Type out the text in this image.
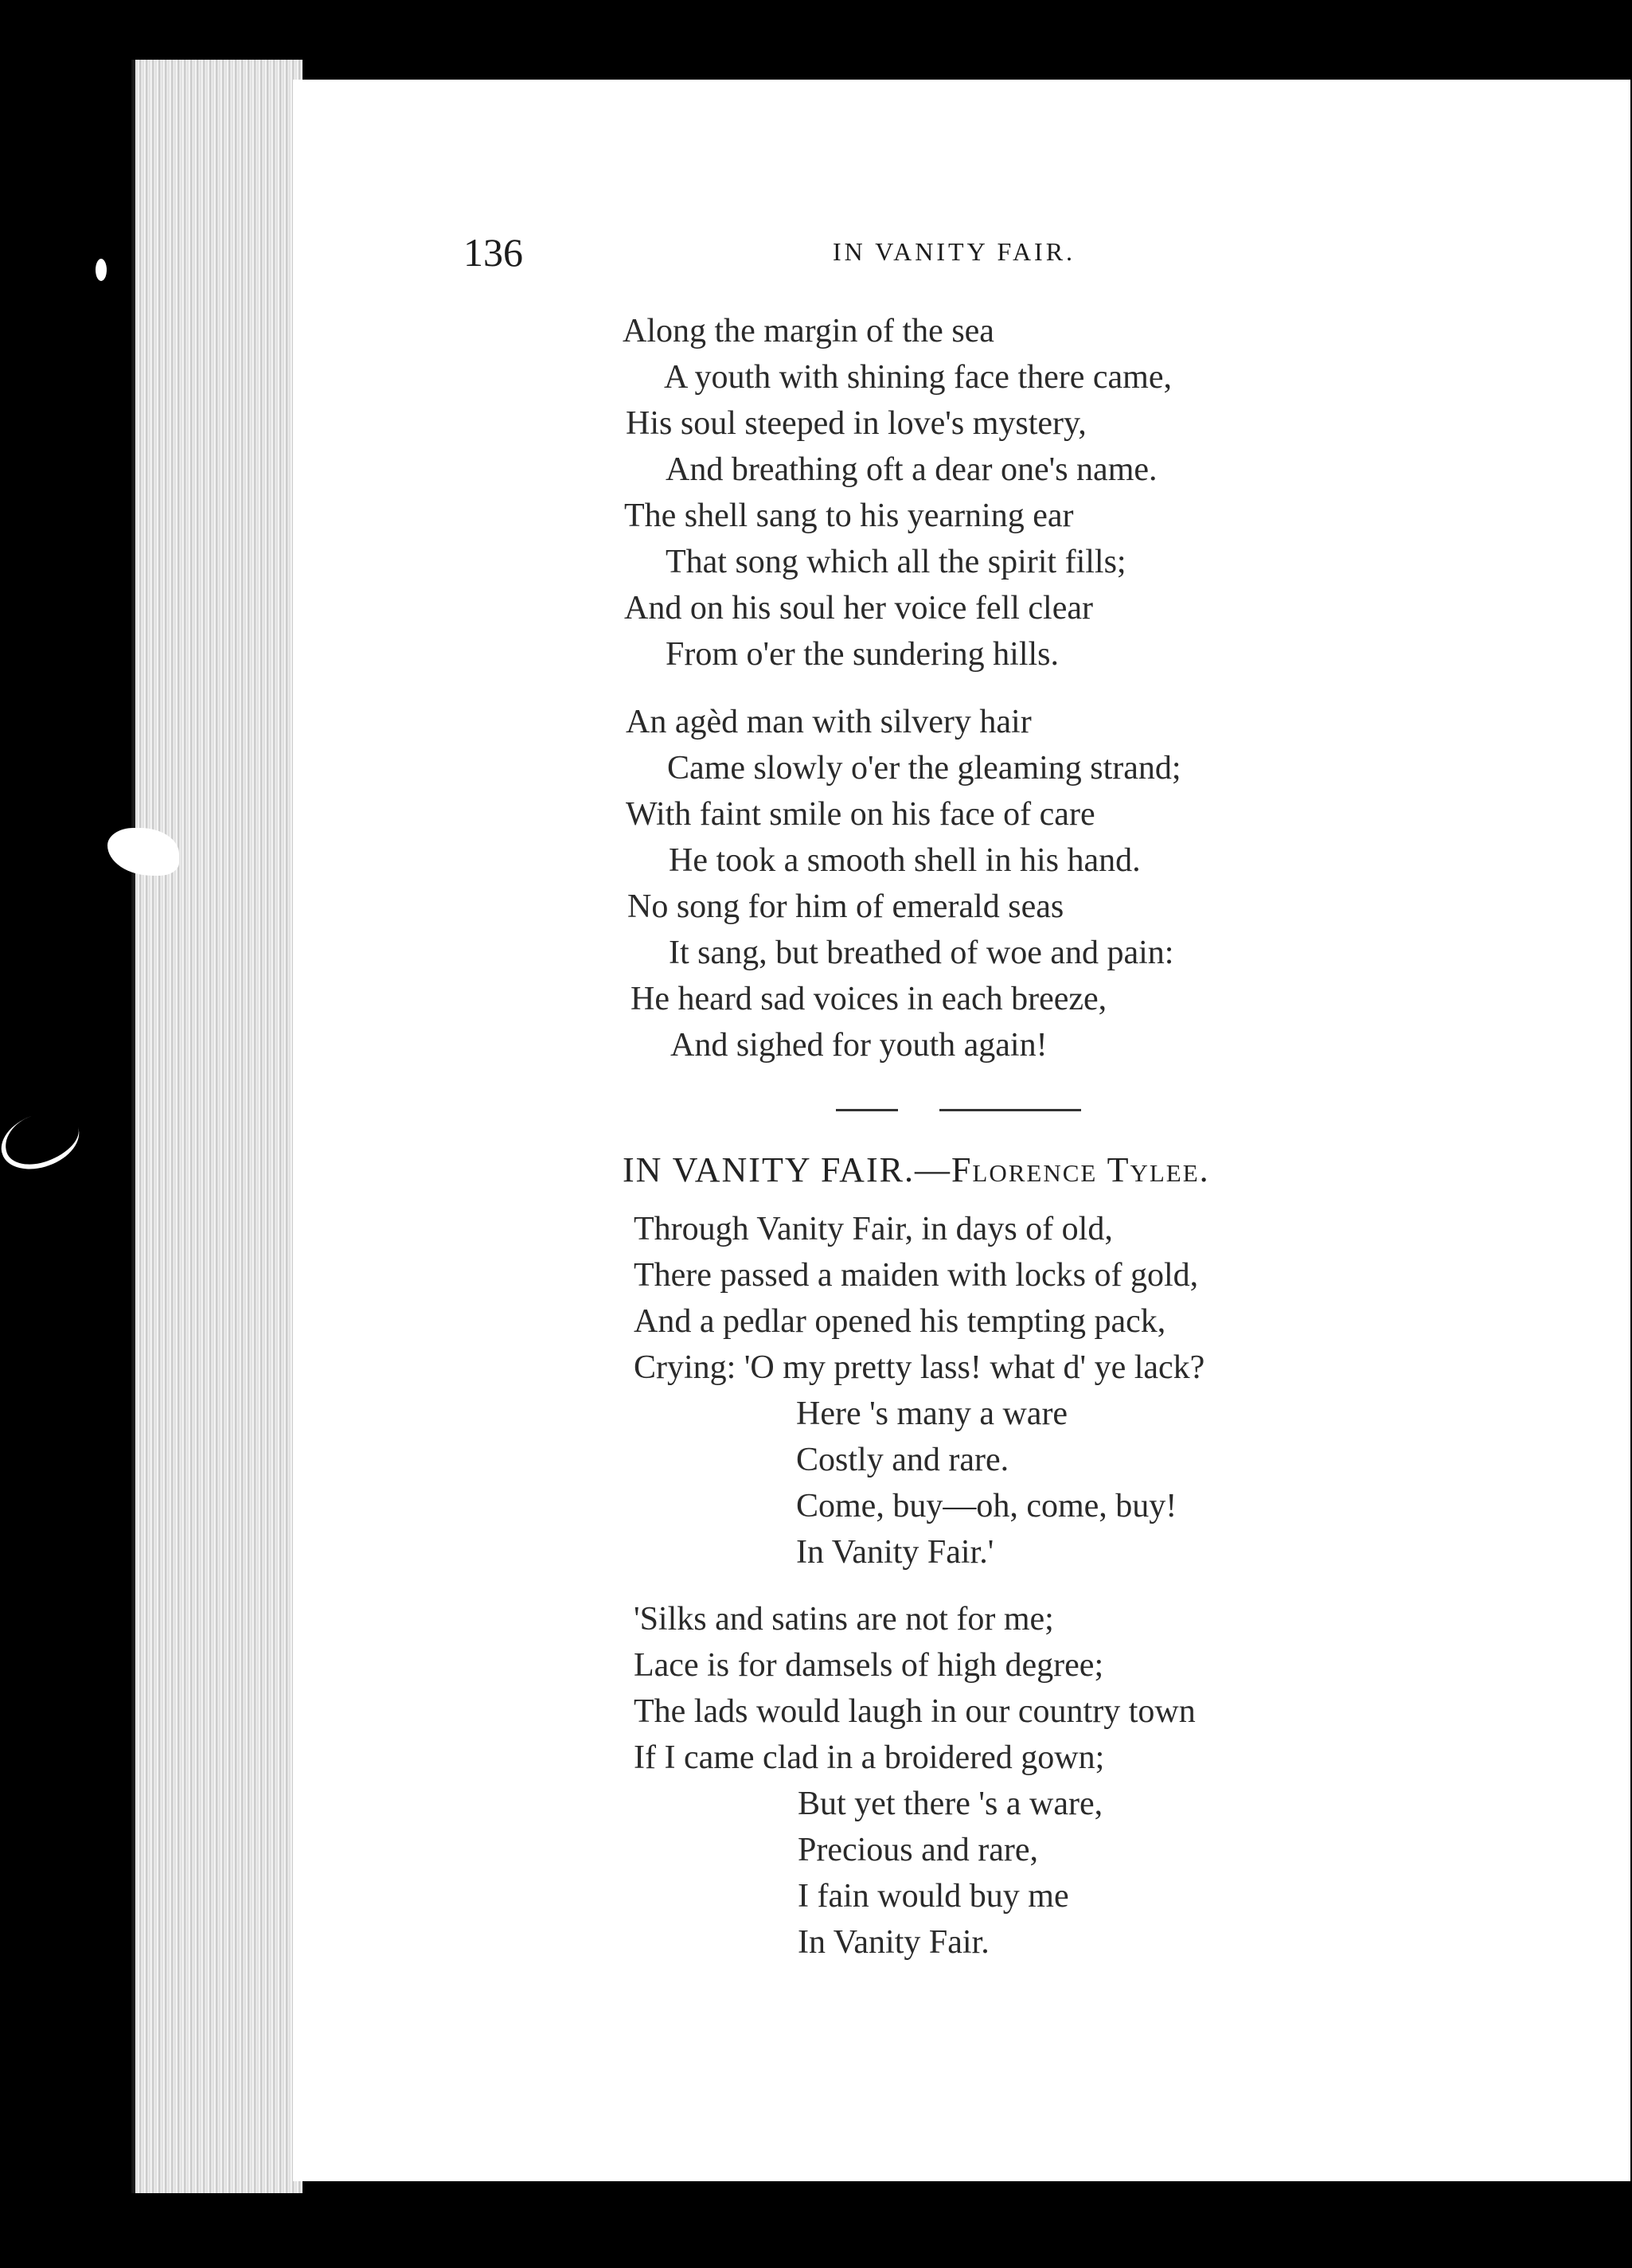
136	IN VANITY FAIR.
Along the margin of the sea
A youth with shining face there came,
His soul steeped in love's mystery,
And breathing oft a dear one's name.
The shell sang to his yearning ear
That song which all the spirit fills;
And on his soul her voice fell clear
From o'er the sundering hills.
An agèd man with silvery hair
Came slowly o'er the gleaming strand;
With faint smile on his face of care
He took a smooth shell in his hand.
No song for him of emerald seas
It sang, but breathed of woe and pain:
He heard sad voices in each breeze,
And sighed for youth again!
IN VANITY FAIR.—Florence Tylee.
Through Vanity Fair, in days of old,
There passed a maiden with locks of gold,
And a pedlar opened his tempting pack,
Crying: 'O my pretty lass! what d' ye lack?
Here 's many a ware
Costly and rare.
Come, buy—oh, come, buy!
In Vanity Fair.'
'Silks and satins are not for me;
Lace is for damsels of high degree;
The lads would laugh in our country town
If I came clad in a broidered gown;
But yet there 's a ware,
Precious and rare,
I fain would buy me
In Vanity Fair.
